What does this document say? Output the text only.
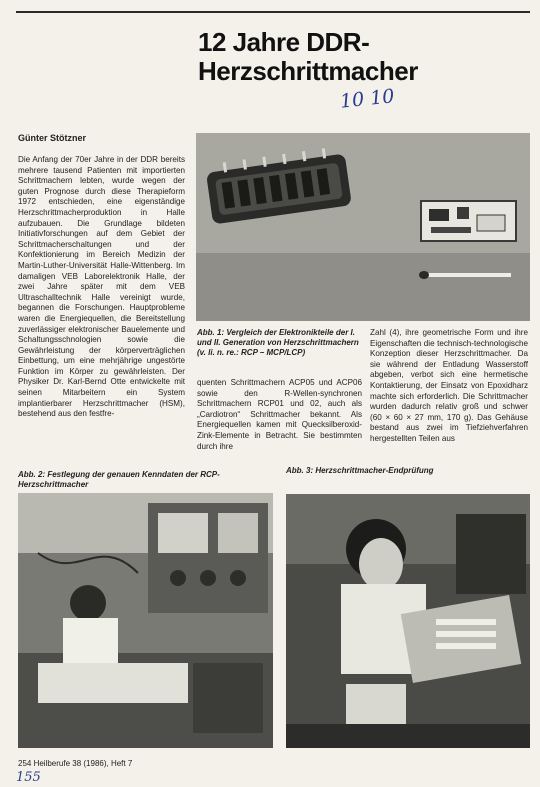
12 Jahre DDR-
Herzschrittmacher
10 10
Günter Stötzner

Die Anfang der 70er Jahre in der DDR bereits mehrere tausend Patienten mit importierten Schrittmachern lebten, wurde wegen der guten Prognose durch diese Therapieform 1972 entschieden, eine eigenständige Herzschrittmacherproduktion in Halle aufzubauen. Die Grundlage bildeten Initiativforschungen auf dem Gebiet der Schrittmacherschaltungen und der Konfektionierung im Bereich Medizin der Martin-Luther-Universität Halle-Wittenberg. Im damaligen VEB Laborelektronik Halle, der zwei Jahre später mit dem VEB Ultraschalltechnik Halle vereinigt wurde, begannen die Forschungen. Hauptprobleme waren die Energiequellen, die Bereitstellung zuverlässiger elektronischer Bauelemente und Schaltungsschnologien sowie die Gewährleistung der körperverträglichen Einbettung, um eine mehrjährige ungestörte Funktion im Körper zu gewährleisten. Der Physiker Dr. Karl-Bernd Otte entwickelte mit seinen Mitarbeitern ein System implantierbarer Herzschrittmacher (HSM), bestehend aus den festfre-

Abb. 1: Vergleich der Elektronikteile der I. und II. Generation von Herzschrittmachern (v. li. n. re.: RCP – MCP/LCP)

quenten Schrittmachern ACP05 und ACP06 sowie den R-Wellen-synchronen Schrittmachern RCP01 und 02, auch als „Cardiotron“ Schrittmacher bekannt. Als Energiequellen kamen mit Quecksilberoxid-Zink-Elemente in Betracht. Sie bestimmten durch ihre

Zahl (4), ihre geometrische Form und ihre Eigenschaften die technisch-technologische Konzeption dieser Herzschrittmacher. Da sie während der Entladung Wasserstoff abgeben, verbot sich eine hermetische Kontaktierung, der Einsatz von Epoxidharz machte sich erforderlich. Die Schrittmacher wurden dadurch relativ groß und schwer (60 × 60 × 27 mm, 170 g). Das Gehäuse bestand aus zwei im Tiefziehverfahren hergestellten Teilen aus

Abb. 2: Festlegung der genauen Kenndaten der RCP-Herzschrittmacher
Abb. 3: Herzschrittmacher-Endprüfung
254 Heilberufe 38 (1986), Heft 7
155
